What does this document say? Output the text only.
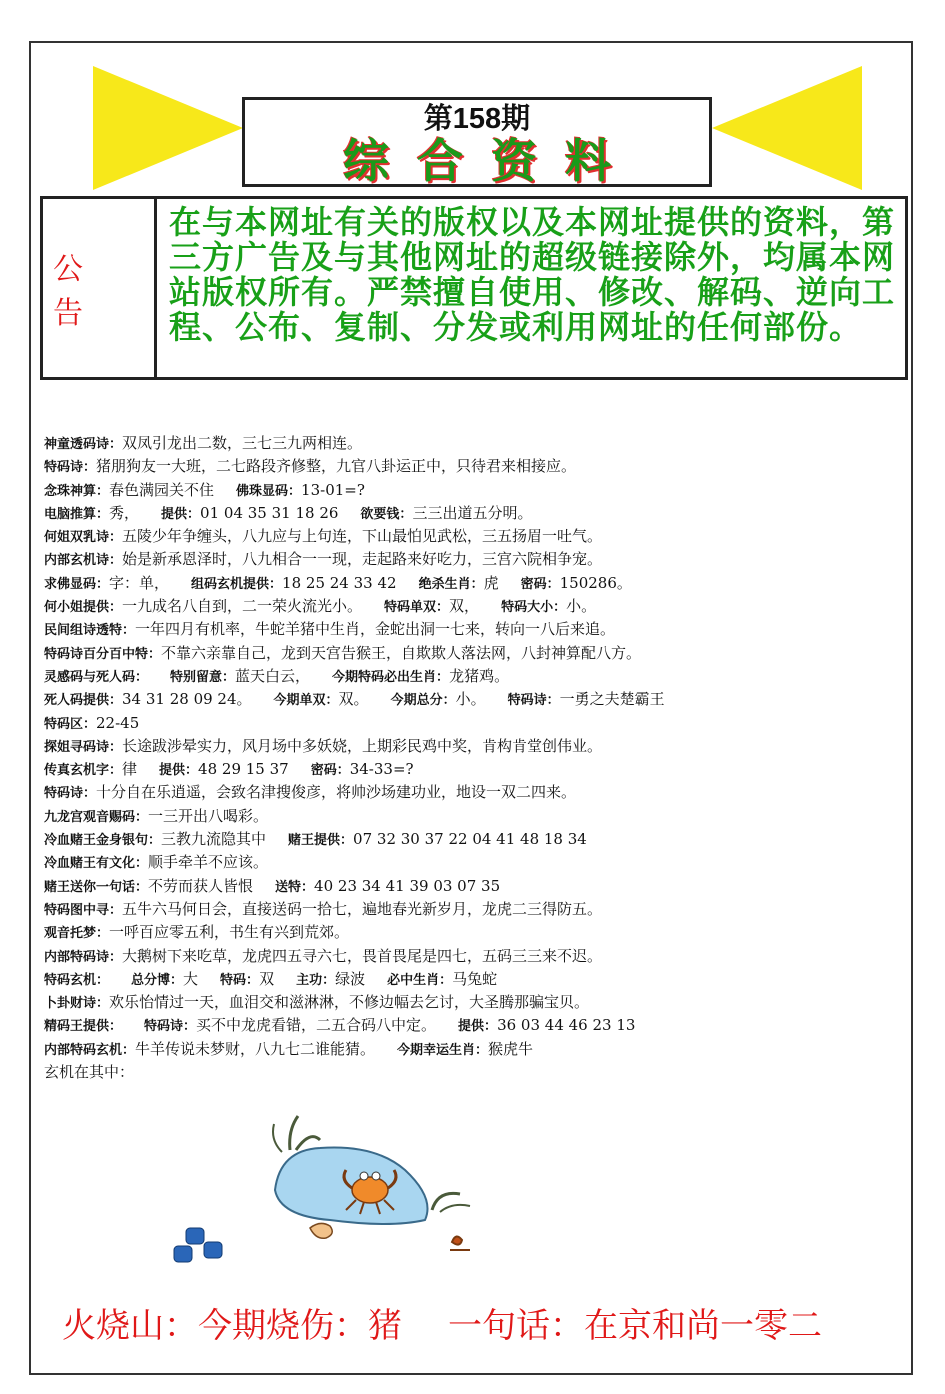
第158期
综合资料
公告
在与本网址有关的版权以及本网址提供的资料，第三方广告及与其他网址的超级链接除外，均属本网站版权所有。严禁擅自使用、修改、解码、逆向工程、公布、复制、分发或利用网址的任何部份。
神童透码诗：双凤引龙出二数，三七三九两相连。
特码诗：猪朋狗友一大班，二七路段齐修整，九官八卦运正中，只待君来相接应。
念珠神算：春色满园关不住 佛珠显码：13-01=?
电脑推算：秀， 提供：01 04 35 31 18 26 欲要钱：三三出道五分明。
何姐双乳诗：五陵少年争缠头，八九应与上句连，下山最怕见武松，三五扬眉一吐气。
内部玄机诗：始是新承恩泽时，八九相合一一现，走起路来好吃力，三宫六院相争宠。
求佛显码：字：单， 组码玄机提供：18 25 24 33 42 绝杀生肖：虎 密码：150286。
何小姐提供：一九成名八自到，二一荣火流光小。 特码单双：双， 特码大小：小。
民间组诗透特：一年四月有机率，牛蛇羊猪中生肖，金蛇出洞一七来，转向一八后来追。
特码诗百分百中特：不靠六亲靠自己，龙到天宫告猴王，自欺欺人落法网，八封神算配八方。
灵感码与死人码： 特别留意：蓝天白云， 今期特码必出生肖：龙猪鸡。
死人码提供：34 31 28 09 24。 今期单双：双。 今期总分：小。 特码诗：一勇之夫楚霸王
特码区：22-45
探姐寻码诗：长途跋涉晕实力，风月场中多妖娆，上期彩民鸡中奖，肯构肯堂创伟业。
传真玄机字：律 提供：48 29 15 37 密码：34-33=?
特码诗：十分自在乐逍遥，会致名津搜俊彦，将帅沙场建功业，地设一双二四来。
九龙宫观音赐码：一三开出八喝彩。
冷血赌王金身银句：三教九流隐其中 赌王提供：07 32 30 37 22 04 41 48 18 34
冷血赌王有文化：顺手牵羊不应该。
赌王送你一句话：不劳而获人皆恨 送特：40 23 34 41 39 03 07 35
特码图中寻：五牛六马何日会，直接送码一拾七，遍地春光新岁月，龙虎二三得防五。
观音托梦：一呼百应零五利，书生有兴到荒郊。
内部特码诗：大鹅树下来吃草，龙虎四五寻六七，畏首畏尾是四七，五码三三来不迟。
特码玄机： 总分博：大 特码：双 主功：绿波 必中生肖：马兔蛇
卜卦财诗：欢乐怡情过一天，血泪交和滋淋淋，不修边幅去乞讨，大圣腾那骗宝贝。
精码王提供： 特码诗：买不中龙虎看错，二五合码八中定。 提供：36 03 44 46 23 13
内部特码玄机：牛羊传说未梦财，八九七二谁能猜。 今期幸运生肖：猴虎牛
玄机在其中：
火烧山：今期烧伤：猪 一句话：在京和尚一零二
